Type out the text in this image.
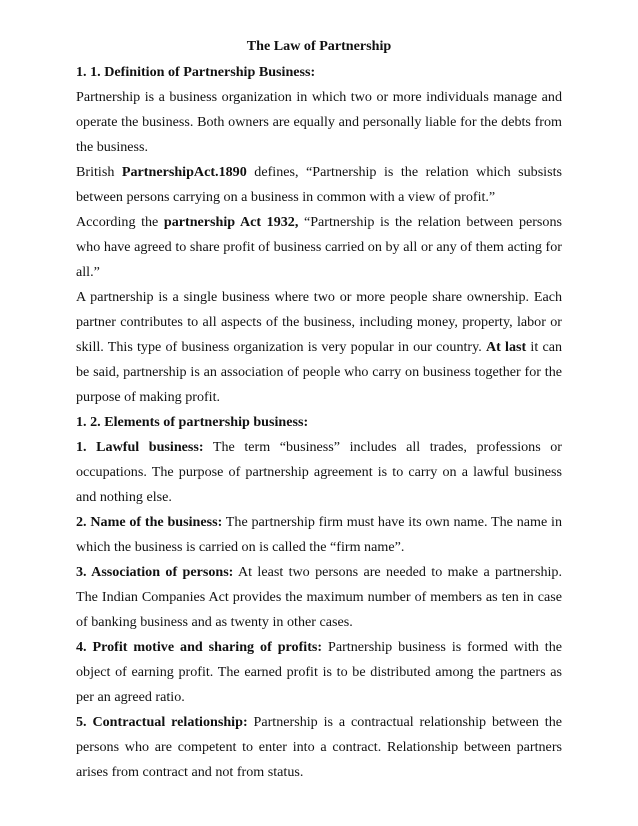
The Law of Partnership
1. 1. Definition of Partnership Business:

Partnership is a business organization in which two or more individuals manage and operate the business. Both owners are equally and personally liable for the debts from the business.

British PartnershipAct.1890 defines, “Partnership is the relation which subsists between persons carrying on a business in common with a view of profit.”

According the partnership Act 1932, “Partnership is the relation between persons who have agreed to share profit of business carried on by all or any of them acting for all.”

A partnership is a single business where two or more people share ownership. Each partner contributes to all aspects of the business, including money, property, labor or skill. This type of business organization is very popular in our country. At last it can be said, partnership is an association of people who carry on business together for the purpose of making profit.

1. 2. Elements of partnership business:

1. Lawful business: The term “business” includes all trades, professions or occupations. The purpose of partnership agreement is to carry on a lawful business and nothing else.

2. Name of the business: The partnership firm must have its own name. The name in which the business is carried on is called the “firm name”.

3. Association of persons: At least two persons are needed to make a partnership. The Indian Companies Act provides the maximum number of members as ten in case of banking business and as twenty in other cases.

4. Profit motive and sharing of profits: Partnership business is formed with the object of earning profit. The earned profit is to be distributed among the partners as per an agreed ratio.

5. Contractual relationship: Partnership is a contractual relationship between the persons who are competent to enter into a contract. Relationship between partners arises from contract and not from status.
